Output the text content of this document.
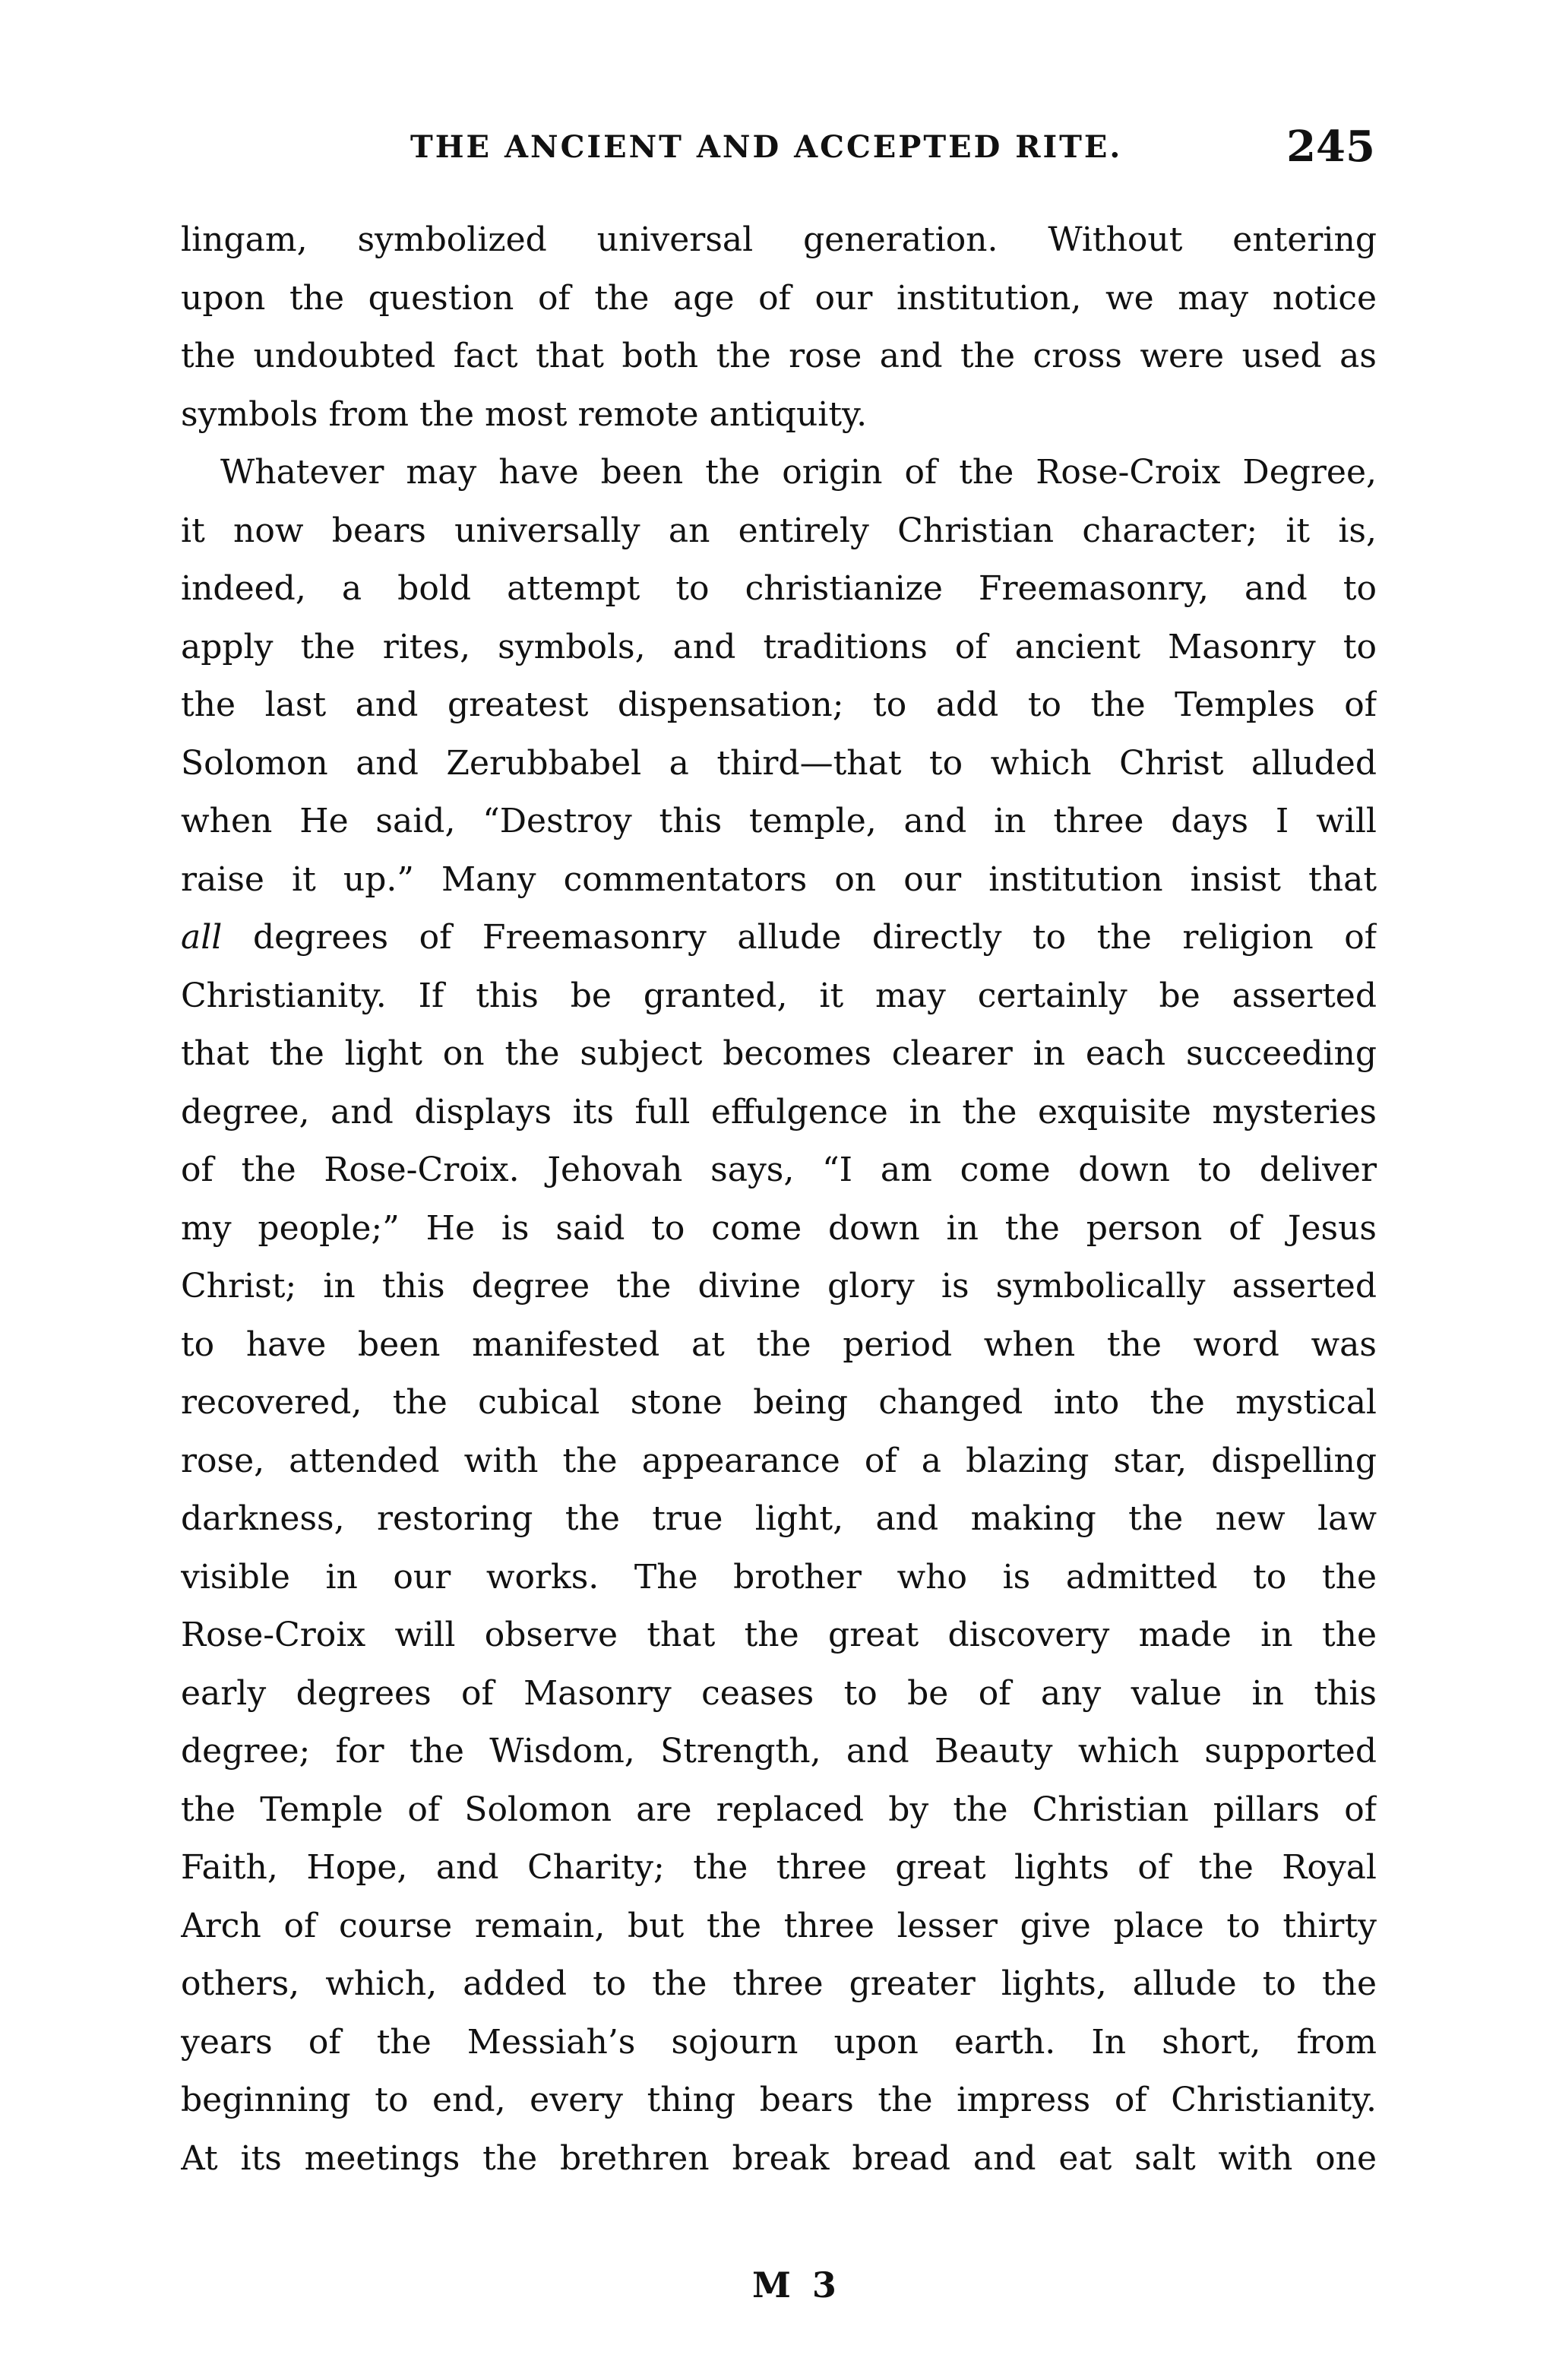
THE ANCIENT AND ACCEPTED RITE.	245
lingam, symbolized universal generation. Without entering
upon the question of the age of our institution, we may notice
the undoubted fact that both the rose and the cross were used as
symbols from the most remote antiquity.
Whatever may have been the origin of the Rose-Croix Degree,
it now bears universally an entirely Christian character; it is,
indeed, a bold attempt to christianize Freemasonry, and to
apply the rites, symbols, and traditions of ancient Masonry to
the last and greatest dispensation; to add to the Temples of
Solomon and Zerubbabel a third—that to which Christ alluded
when He said, “Destroy this temple, and in three days I will
raise it up.” Many commentators on our institution insist that
all degrees of Freemasonry allude directly to the religion of
Christianity. If this be granted, it may certainly be asserted
that the light on the subject becomes clearer in each succeeding
degree, and displays its full effulgence in the exquisite mysteries
of the Rose-Croix. Jehovah says, “I am come down to deliver
my people;” He is said to come down in the person of Jesus
Christ; in this degree the divine glory is symbolically asserted
to have been manifested at the period when the word was
recovered, the cubical stone being changed into the mystical
rose, attended with the appearance of a blazing star, dispelling
darkness, restoring the true light, and making the new law
visible in our works. The brother who is admitted to the
Rose-Croix will observe that the great discovery made in the
early degrees of Masonry ceases to be of any value in this
degree; for the Wisdom, Strength, and Beauty which supported
the Temple of Solomon are replaced by the Christian pillars of
Faith, Hope, and Charity; the three great lights of the Royal
Arch of course remain, but the three lesser give place to thirty
others, which, added to the three greater lights, allude to the
years of the Messiah’s sojourn upon earth. In short, from
beginning to end, every thing bears the impress of Christianity.
At its meetings the brethren break bread and eat salt with one
M 3
